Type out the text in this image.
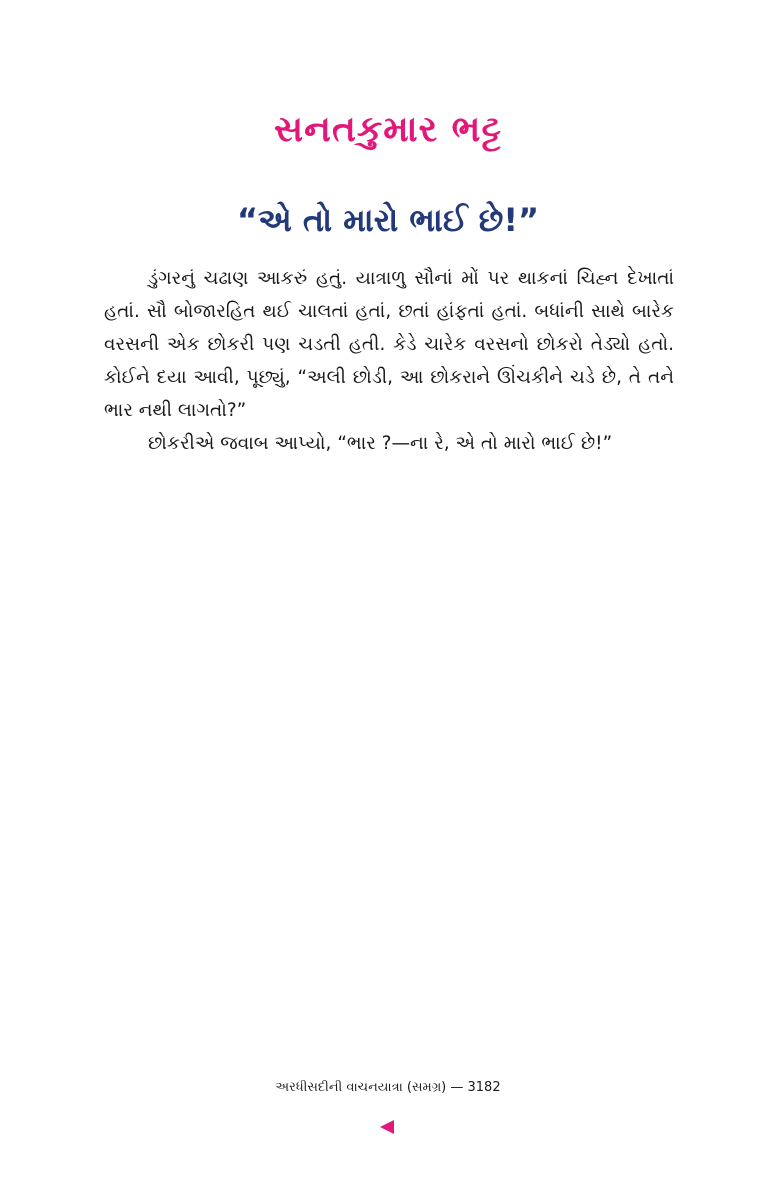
સનતકુમાર ભટ્ટ
“એ તો મારો ભાઈ છે!”

ડુંગરનું ચઢાણ આકરું હતું. યાત્રાળુ સૌનાં મોં પર થાકનાં ચિહ્ન દેખાતાં હતાં. સૌ બોજારહિત થઈ ચાલતાં હતાં, છતાં હાંફતાં હતાં. બધાંની સાથે બારેક વરસની એક છોકરી પણ ચડતી હતી. કેડે ચારેક વરસનો છોકરો તેડ્યો હતો. કોઈને દયા આવી, પૂછ્યું, “અલી છોડી, આ છોકરાને ઊંચકીને ચડે છે, તે તને ભાર નથી લાગતો?”

છોકરીએ જવાબ આપ્યો, “ભાર ?—ના રે, એ તો મારો ભાઈ છે!”

અરધીસદીની વાચનયાત્રા (સમગ્ર) — 3182
